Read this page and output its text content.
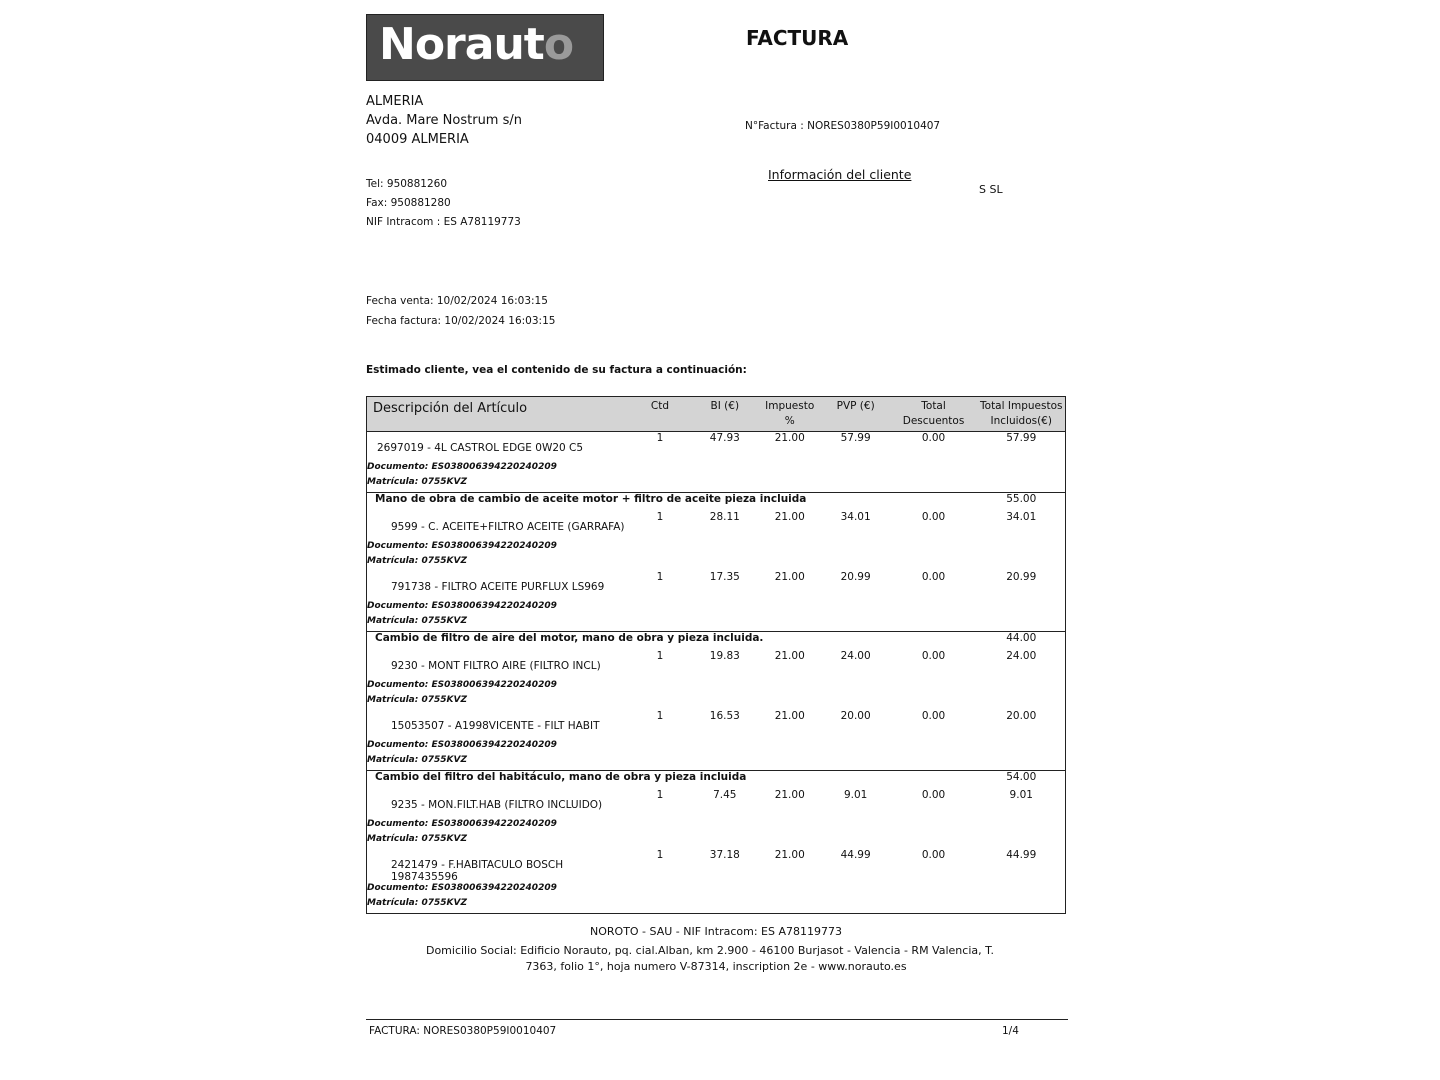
Norauto	FACTURA
ALMERIA
Avda. Mare Nostrum s/n
04009 ALMERIA
Tel: 950881260
Fax: 950881280
NIF Intracom : ES A78119773
N°Factura : NORES0380P59I0010407
Información del cliente
S SL
Fecha venta: 10/02/2024 16:03:15
Fecha factura: 10/02/2024 16:03:15
Estimado cliente, vea el contenido de su factura a continuación:
Descripción del Artículo	Ctd	BI (€)	Impuesto %	PVP (€)	Total Descuentos	Total Impuestos Incluidos(€)
2697019 - 4L CASTROL EDGE 0W20 C5	1	47.93	21.00	57.99	0.00	57.99
Documento: ES038006394220240209						
Matrícula: 0755KVZ						
Mano de obra de cambio de aceite motor + filtro de aceite pieza incluida						55.00
9599 - C. ACEITE+FILTRO ACEITE (GARRAFA)	1	28.11	21.00	34.01	0.00	34.01
Documento: ES038006394220240209						
Matrícula: 0755KVZ						
791738 - FILTRO ACEITE PURFLUX LS969	1	17.35	21.00	20.99	0.00	20.99
Documento: ES038006394220240209						
Matrícula: 0755KVZ						
Cambio de filtro de aire del motor, mano de obra y pieza incluida.						44.00
9230 - MONT FILTRO AIRE (FILTRO INCL)	1	19.83	21.00	24.00	0.00	24.00
Documento: ES038006394220240209						
Matrícula: 0755KVZ						
15053507 - A1998VICENTE - FILT HABIT	1	16.53	21.00	20.00	0.00	20.00
Documento: ES038006394220240209						
Matrícula: 0755KVZ						
Cambio del filtro del habitáculo, mano de obra y pieza incluida						54.00
9235 - MON.FILT.HAB (FILTRO INCLUIDO)	1	7.45	21.00	9.01	0.00	9.01
Documento: ES038006394220240209						
Matrícula: 0755KVZ						
2421479 - F.HABITACULO BOSCH 1987435596	1	37.18	21.00	44.99	0.00	44.99
Documento: ES038006394220240209						
Matrícula: 0755KVZ						
NOROTO - SAU - NIF Intracom: ES A78119773
Domicilio Social: Edificio Norauto, pq. cial.Alban, km 2.900 - 46100 Burjasot - Valencia - RM Valencia, T.
7363, folio 1°, hoja numero V-87314, inscription 2e - www.norauto.es
FACTURA: NORES0380P59I0010407	1/4
